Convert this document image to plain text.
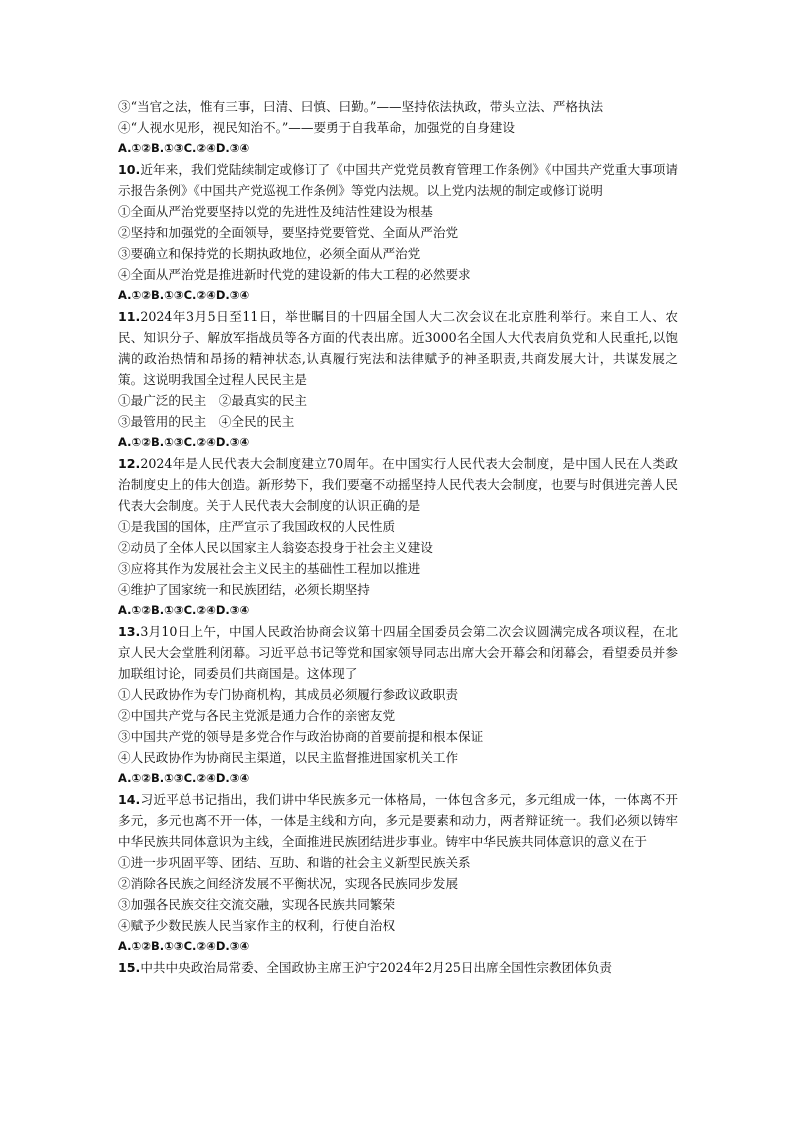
③“当官之法，惟有三事，曰清、曰慎、曰勤。”——坚持依法执政，带头立法、严格执法
④“人视水见形，视民知治不。”——要勇于自我革命，加强党的自身建设
A.①②B.①③C.②④D.③④

10.近年来，我们党陆续制定或修订了《中国共产党党员教育管理工作条例》《中国共产党重大事项请示报告条例》《中国共产党巡视工作条例》等党内法规。以上党内法规的制定或修订说明

①全面从严治党要坚持以党的先进性及纯洁性建设为根基
②坚持和加强党的全面领导，要坚持党要管党、全面从严治党
③要确立和保持党的长期执政地位，必须全面从严治党
④全面从严治党是推进新时代党的建设新的伟大工程的必然要求
A.①②B.①③C.②④D.③④

11.2024年3月5日至11日，举世瞩目的十四届全国人大二次会议在北京胜利举行。来自工人、农民、知识分子、解放军指战员等各方面的代表出席。近3000名全国人大代表肩负党和人民重托,以饱满的政治热情和昂扬的精神状态,认真履行宪法和法律赋予的神圣职责,共商发展大计，共谋发展之策。这说明我国全过程人民民主是

①最广泛的民主　②最真实的民主
③最管用的民主　④全民的民主
A.①②B.①③C.②④D.③④

12.2024年是人民代表大会制度建立70周年。在中国实行人民代表大会制度，是中国人民在人类政治制度史上的伟大创造。新形势下，我们要毫不动摇坚持人民代表大会制度，也要与时俱进完善人民代表大会制度。关于人民代表大会制度的认识正确的是

①是我国的国体，庄严宣示了我国政权的人民性质
②动员了全体人民以国家主人翁姿态投身于社会主义建设
③应将其作为发展社会主义民主的基础性工程加以推进
④维护了国家统一和民族团结，必须长期坚持
A.①②B.①③C.②④D.③④

13.3月10日上午，中国人民政治协商会议第十四届全国委员会第二次会议圆满完成各项议程，在北京人民大会堂胜利闭幕。习近平总书记等党和国家领导同志出席大会开幕会和闭幕会，看望委员并参加联组讨论，同委员们共商国是。这体现了

①人民政协作为专门协商机构，其成员必须履行参政议政职责
②中国共产党与各民主党派是通力合作的亲密友党
③中国共产党的领导是多党合作与政治协商的首要前提和根本保证
④人民政协作为协商民主渠道，以民主监督推进国家机关工作
A.①②B.①③C.②④D.③④

14.习近平总书记指出，我们讲中华民族多元一体格局，一体包含多元，多元组成一体，一体离不开多元，多元也离不开一体，一体是主线和方向，多元是要素和动力，两者辩证统一。我们必须以铸牢中华民族共同体意识为主线，全面推进民族团结进步事业。铸牢中华民族共同体意识的意义在于

①进一步巩固平等、团结、互助、和谐的社会主义新型民族关系
②消除各民族之间经济发展不平衡状况，实现各民族同步发展
③加强各民族交往交流交融，实现各民族共同繁荣
④赋予少数民族人民当家作主的权利，行使自治权
A.①②B.①③C.②④D.③④
15.中共中央政治局常委、全国政协主席王沪宁2024年2月25日出席全国性宗教团体负责
